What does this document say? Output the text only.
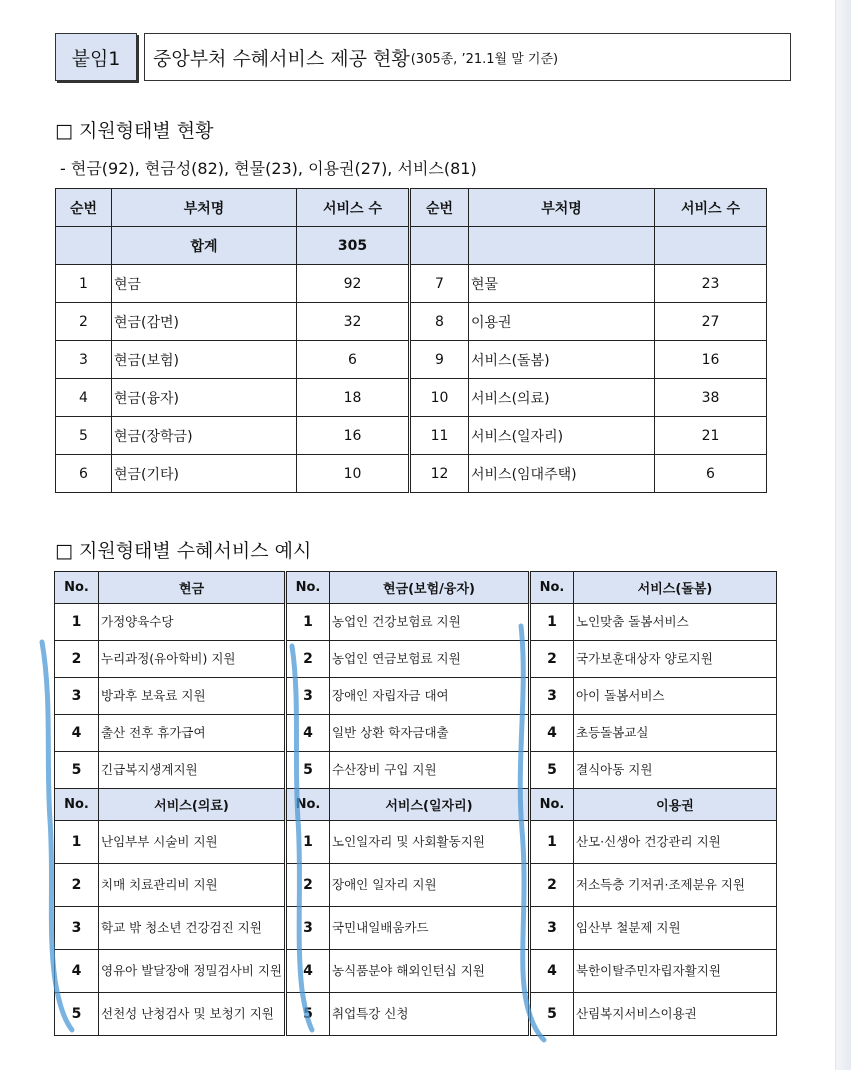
붙임1	중앙부처 수혜서비스 제공 현황 (305종, ’21.1월 말 기준)
□ 지원형태별 현황
- 현금(92), 현금성(82), 현물(23), 이용권(27), 서비스(81)
순번	부처명	서비스 수	순번	부처명	서비스 수
	합계	305			
1	현금	92	7	현물	23
2	현금(감면)	32	8	이용권	27
3	현금(보험)	6	9	서비스(돌봄)	16
4	현금(융자)	18	10	서비스(의료)	38
5	현금(장학금)	16	11	서비스(일자리)	21
6	현금(기타)	10	12	서비스(임대주택)	6
□ 지원형태별 수혜서비스 예시
No.	현금	No.	현금(보험/융자)	No.	서비스(돌봄)
1	가정양육수당	1	농업인 건강보험료 지원	1	노인맞춤 돌봄서비스
2	누리과정(유아학비) 지원	2	농업인 연금보험료 지원	2	국가보훈대상자 양로지원
3	방과후 보육료 지원	3	장애인 자립자금 대여	3	아이 돌봄서비스
4	출산 전후 휴가급여	4	일반 상환 학자금대출	4	초등돌봄교실
5	긴급복지생계지원	5	수산장비 구입 지원	5	결식아동 지원
No.	서비스(의료)	No.	서비스(일자리)	No.	이용권
1	난임부부 시술비 지원	1	노인일자리 및 사회활동지원	1	산모·신생아 건강관리 지원
2	치매 치료관리비 지원	2	장애인 일자리 지원	2	저소득층 기저귀·조제분유 지원
3	학교 밖 청소년 건강검진 지원	3	국민내일배움카드	3	임산부 철분제 지원
4	영유아 발달장애 정밀검사비 지원	4	농식품분야 해외인턴십 지원	4	북한이탈주민자립자활지원
5	선천성 난청검사 및 보청기 지원	5	취업특강 신청	5	산림복지서비스이용권
